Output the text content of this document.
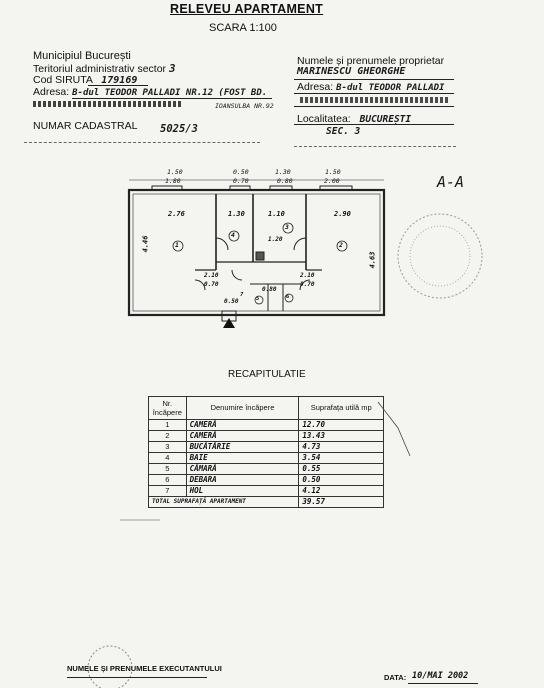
RELEVEU APARTAMENT
SCARA 1:100
Municipiul București
Teritoriul administrativ sector 3
Cod SIRUTA 179169
Adresa: B-dul TEODOR PALLADI NR.12 (FOST BD.
IOANSULBA NR.92
NUMAR CADASTRAL 5025/3
Numele și prenumele proprietar
MARINESCU GHEORGHE
Adresa: B-dul TEODOR PALLADI
Localitatea: BUCUREȘTI
SEC. 3
A-A
1.50
1.80
0.50
0.70
1.30
0.80
1.50
2.00
2.76	1.30	1.10	2.90
4.46
4.63
2.10
0.70
2.10
0.70
1.20
0.80
0.50
1	2
3
4
5	6
7
RECAPITULATIE
Nr. încăpere	Denumire încăpere	Suprafața utilă mp
1	CAMERĂ	12.70
2	CAMERĂ	13.43
3	BUCĂTĂRIE	4.73
4	BAIE	3.54
5	CĂMARĂ	0.55
6	DEBARA	0.50
7	HOL	4.12
TOTAL SUPRAFAȚĂ APARTAMENT		39.57
NUMELE ȘI PRENUMELE EXECUTANTULUI
DATA: 10/MAI 2002
